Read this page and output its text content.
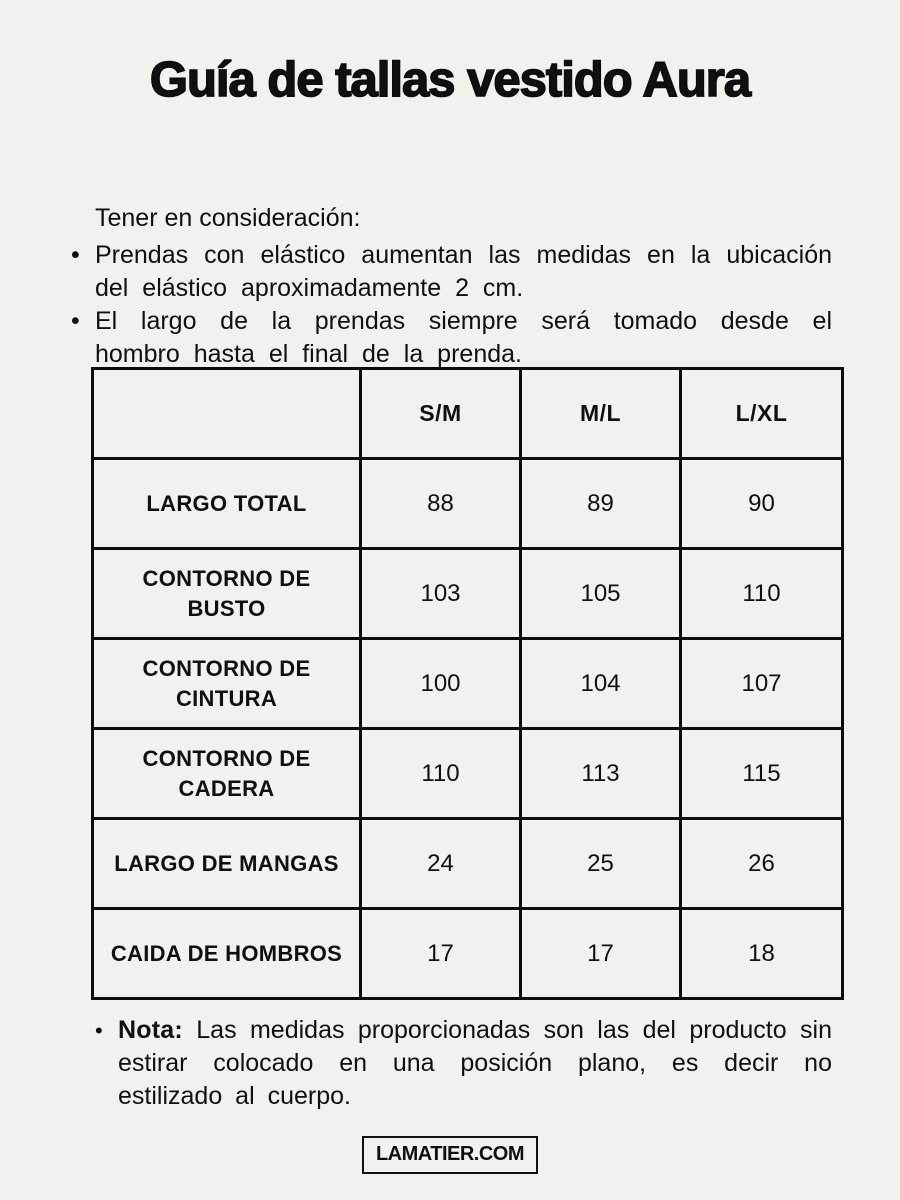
Guía de tallas vestido Aura

Tener en consideración:

• Prendas con elástico aumentan las medidas en la ubicación del elástico aproximadamente 2 cm.
• El largo de la prendas siempre será tomado desde el hombro hasta el final de la prenda.
	S/M	M/L	L/XL
LARGO TOTAL	88	89	90
CONTORNO DE BUSTO	103	105	110
CONTORNO DE CINTURA	100	104	107
CONTORNO DE CADERA	110	113	115
LARGO DE MANGAS	24	25	26
CAIDA DE HOMBROS	17	17	18
• Nota: Las medidas proporcionadas son las del producto sin estirar colocado en una posición plano, es decir no estilizado al cuerpo.
LAMATIER.COM
